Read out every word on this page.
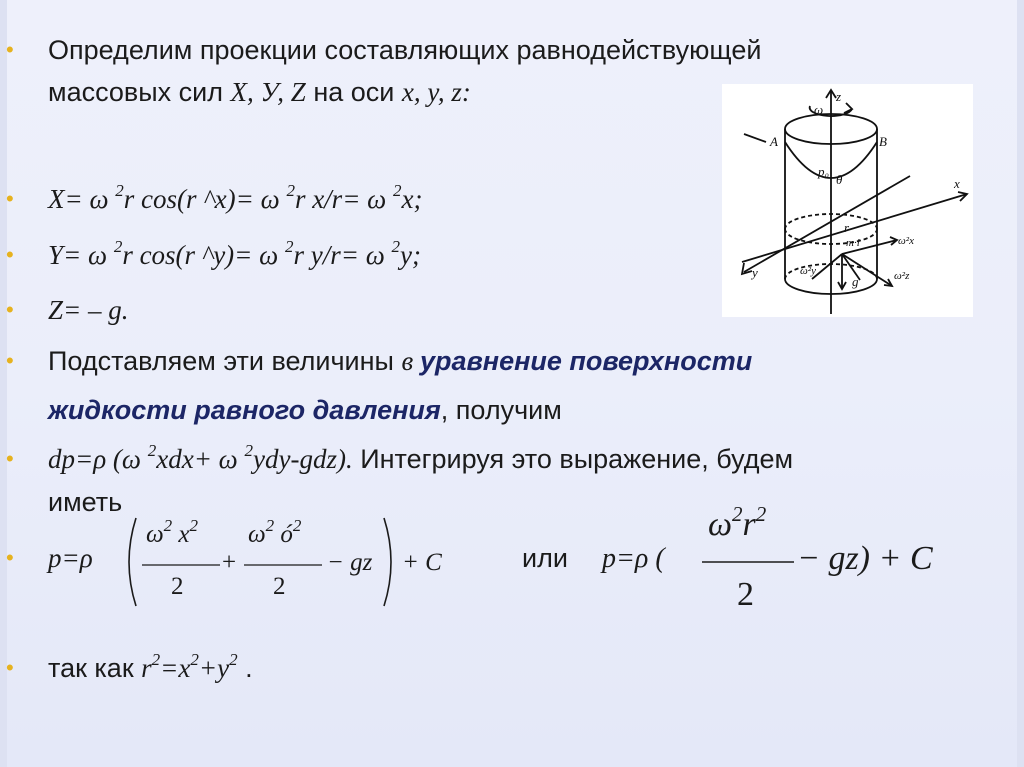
• Определим проекции составляющих равнодействующей
массовых сил X, У, Z на оси x, y, z:
• X= ω $^2$r cos(r ^x)= ω $^2$r x/r= ω $^2$x;
• Y= ω $^2$r cos(r ^y)= ω $^2$r y/r= ω $^2$y;
• Z= – g.
• Подставляем эти величины в уравнение поверхности
жидкости равного давления, получим
• dp=ρ (ω $^2$xdx+ ω $^2$ydy-gdz). Интегрируя это выражение, будем
иметь
• p=ρ
$\omega^2$ $x^2$
2
+
$\omega^2$ $ó^2$
2
− gz + C	или p=ρ (
$\omega^2r^2$
2
− gz) + C
• так как $r^2=x^2+y^2$ .
z
x
y
A	B
ω
p₀
θ
r
m·l	ω²x
ω²y	ω²z
g
